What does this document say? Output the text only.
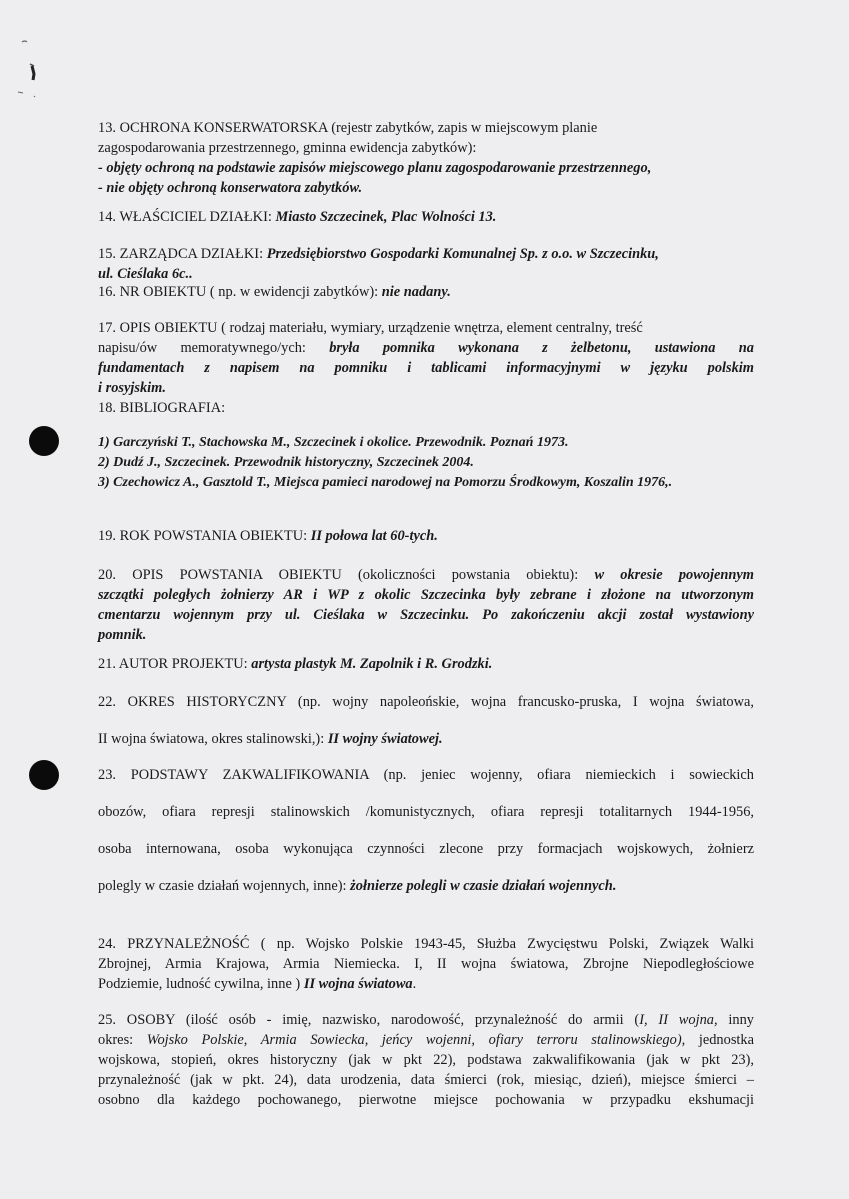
13. OCHRONA KONSERWATORSKA (rejestr zabytków, zapis w miejscowym planie
zagospodarowania przestrzennego, gminna ewidencja zabytków):
- objęty ochroną na podstawie zapisów miejscowego planu zagospodarowanie przestrzennego,
- nie objęty ochroną konserwatora zabytków.
14. WŁAŚCICIEL DZIAŁKI: Miasto Szczecinek, Plac Wolności 13.
15. ZARZĄDCA DZIAŁKI: Przedsiębiorstwo Gospodarki Komunalnej Sp. z o.o. w Szczecinku,
ul. Cieślaka 6c..
16. NR OBIEKTU ( np. w ewidencji zabytków): nie nadany.
17. OPIS OBIEKTU ( rodzaj materiału, wymiary, urządzenie wnętrza, element centralny, treść
napisu/ów memoratywnego/ych: bryła pomnika wykonana z żelbetonu, ustawiona na
fundamentach z napisem na pomniku i tablicami informacyjnymi w języku polskim
i rosyjskim.
18. BIBLIOGRAFIA:
1) Garczyński T., Stachowska M., Szczecinek i okolice. Przewodnik. Poznań 1973.
2) Dudź J., Szczecinek. Przewodnik historyczny, Szczecinek 2004.
3) Czechowicz A., Gasztold T., Miejsca pamieci narodowej na Pomorzu Środkowym, Koszalin 1976,.
19. ROK POWSTANIA OBIEKTU: II połowa lat 60-tych.
20. OPIS POWSTANIA OBIEKTU (okoliczności powstania obiektu): w okresie powojennym
szczątki poległych żołnierzy AR i WP z okolic Szczecinka były zebrane i złożone na utworzonym
cmentarzu wojennym przy ul. Cieślaka w Szczecinku. Po zakończeniu akcji został wystawiony
pomnik.
21. AUTOR PROJEKTU: artysta plastyk M. Zapolnik i R. Grodzki.
22. OKRES HISTORYCZNY (np. wojny napoleońskie, wojna francusko-pruska, I wojna światowa,
II wojna światowa, okres stalinowski,): II wojny światowej.
23. PODSTAWY ZAKWALIFIKOWANIA (np. jeniec wojenny, ofiara niemieckich i sowieckich
obozów, ofiara represji stalinowskich /komunistycznych, ofiara represji totalitarnych 1944-1956,
osoba internowana, osoba wykonująca czynności zlecone przy formacjach wojskowych, żołnierz
polegly w czasie działań wojennych, inne): żołnierze polegli w czasie działań wojennych.
24. PRZYNALEŻNOŚĆ ( np. Wojsko Polskie 1943-45, Służba Zwycięstwu Polski, Związek Walki
Zbrojnej, Armia Krajowa, Armia Niemiecka. I, II wojna światowa, Zbrojne Niepodległościowe
Podziemie, ludność cywilna, inne ) II wojna światowa.
25. OSOBY (ilość osób - imię, nazwisko, narodowość, przynależność do armii (I, II wojna, inny
okres: Wojsko Polskie, Armia Sowiecka, jeńcy wojenni, ofiary terroru stalinowskiego), jednostka
wojskowa, stopień, okres historyczny (jak w pkt 22), podstawa zakwalifikowania (jak w pkt 23),
przynależność (jak w pkt. 24), data urodzenia, data śmierci (rok, miesiąc, dzień), miejsce śmierci –
osobno dla każdego pochowanego, pierwotne miejsce pochowania w przypadku ekshumacji
